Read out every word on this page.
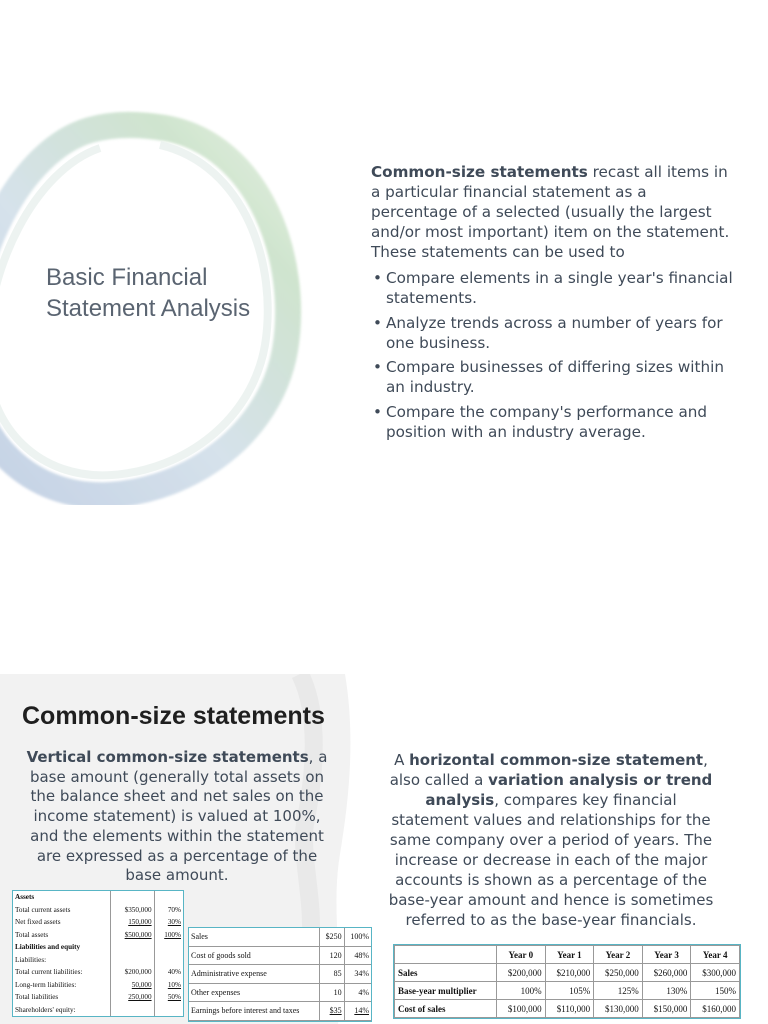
Basic Financial
Statement Analysis

Common-size statements recast all items in a particular financial statement as a percentage of a selected (usually the largest and/or most important) item on the statement. These statements can be used to

• Compare elements in a single year's financial statements.
• Analyze trends across a number of years for one business.
• Compare businesses of differing sizes within an industry.
• Compare the company's performance and position with an industry average.
Common-size statements

Vertical common-size statements, a base amount (generally total assets on the balance sheet and net sales on the income statement) is valued at 100%, and the elements within the statement are expressed as a percentage of the base amount.

A horizontal common-size statement, also called a variation analysis or trend analysis, compares key financial statement values and relationships for the same company over a period of years. The increase or decrease in each of the major accounts is shown as a percentage of the base-year amount and hence is sometimes referred to as the base-year financials.

Assets		
Total current assets	$350,000	70%
Net fixed assets	150,000	30%
Total assets	$500,000	100%
Liabilities and equity		
Liabilities:		
Total current liabilities:	$200,000	40%
Long-term liabilities:	50,000	10%
Total liabilities	250,000	50%
Shareholders' equity:		
Sales	$250	100%
Cost of goods sold	120	48%
Administrative expense	85	34%
Other expenses	10	4%
Earnings before interest and taxes	$35	14%
	Year 0	Year 1	Year 2	Year 3	Year 4
Sales	$200,000	$210,000	$250,000	$260,000	$300,000
Base-year multiplier	100%	105%	125%	130%	150%
Cost of sales	$100,000	$110,000	$130,000	$150,000	$160,000
